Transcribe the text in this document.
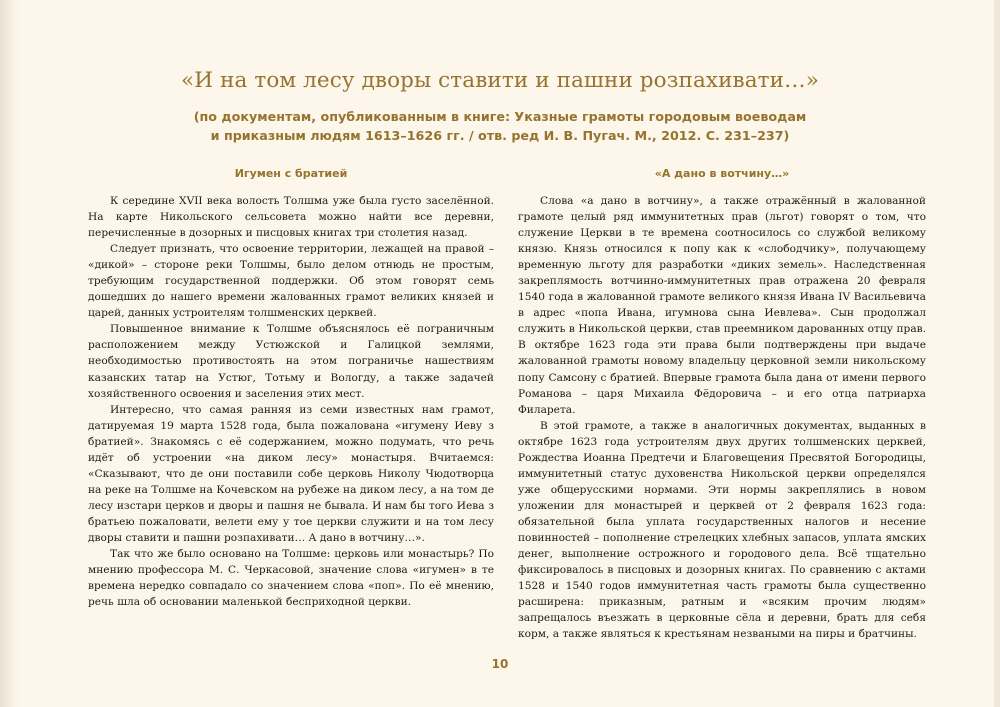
«И на том лесу дворы ставити и пашни розпахивати…»
(по документам, опубликованным в книге: Указные грамоты городовым воеводам и приказным людям 1613–1626 гг. / отв. ред И. В. Пугач. М., 2012. С. 231–237)
Игумен с братией

К середине XVII века волость Толшма уже была густо заселённой. На карте Никольского сельсовета можно найти все деревни, перечисленные в дозорных и писцовых книгах три столетия назад.

Следует признать, что освоение территории, лежащей на правой – «дикой» – стороне реки Толшмы, было делом отнюдь не простым, требующим государственной поддержки. Об этом говорят семь дошедших до нашего времени жалованных грамот великих князей и царей, данных устроителям толшменских церквей.

Повышенное внимание к Толшме объяснялось её пограничным расположением между Устюжской и Галицкой землями, необходимостью противостоять на этом пограничье нашествиям казанских татар на Устюг, Тотьму и Вологду, а также задачей хозяйственного освоения и заселения этих мест.

Интересно, что самая ранняя из семи известных нам грамот, датируемая 19 марта 1528 года, была пожалована «игумену Иеву з братией». Знакомясь с её содержанием, можно подумать, что речь идёт об устроении «на диком лесу» монастыря. Вчитаемся: «Сказывают, что де они поставили собе церковь Николу Чюдотворца на реке на Толшме на Кочевском на рубеже на диком лесу, а на том де лесу изстари церков и дворы и пашня не бывала. И нам бы того Иева з братьею пожаловати, велети ему у тое церкви служити и на том лесу дворы ставити и пашни розпахивати… А дано в вотчину…».

Так что же было основано на Толшме: церковь или монастырь? По мнению профессора М. С. Черкасовой, значение слова «игумен» в те времена нередко совпадало со значением слова «поп». По её мнению, речь шла об основании маленькой бесприходной церкви.

«А дано в вотчину…»

Слова «а дано в вотчину», а также отражённый в жалованной грамоте целый ряд иммунитетных прав (льгот) говорят о том, что служение Церкви в те времена соотносилось со службой великому князю. Князь относился к попу как к «слободчику», получающему временную льготу для разработки «диких земель». Наследственная закреплямость вотчинно-иммунитетных прав отражена 20 февраля 1540 года в жалованной грамоте великого князя Ивана IV Васильевича в адрес «попа Ивана, игумнова сына Иевлева». Сын продолжал служить в Никольской церкви, став преемником дарованных отцу прав. В октябре 1623 года эти права были подтверждены при выдаче жалованной грамоты новому владельцу церковной земли никольскому попу Самсону с братией. Впервые грамота была дана от имени первого Романова – царя Михаила Фёдоровича – и его отца патриарха Филарета.

В этой грамоте, а также в аналогичных документах, выданных в октябре 1623 года устроителям двух других толшменских церквей, Рождества Иоанна Предтечи и Благовещения Пресвятой Богородицы, иммунитетный статус духовенства Никольской церкви определялся уже общерусскими нормами. Эти нормы закреплялись в новом уложении для монастырей и церквей от 2 февраля 1623 года: обязательной была уплата государственных налогов и несение повинностей – пополнение стрелецких хлебных запасов, уплата ямских денег, выполнение острожного и городового дела. Всё тщательно фиксировалось в писцовых и дозорных книгах. По сравнению с актами 1528 и 1540 годов иммунитетная часть грамоты была существенно расширена: приказным, ратным и «всяким прочим людям» запрещалось въезжать в церковные сёла и деревни, брать для себя корм, а также являться к крестьянам незваными на пиры и братчины.

10
